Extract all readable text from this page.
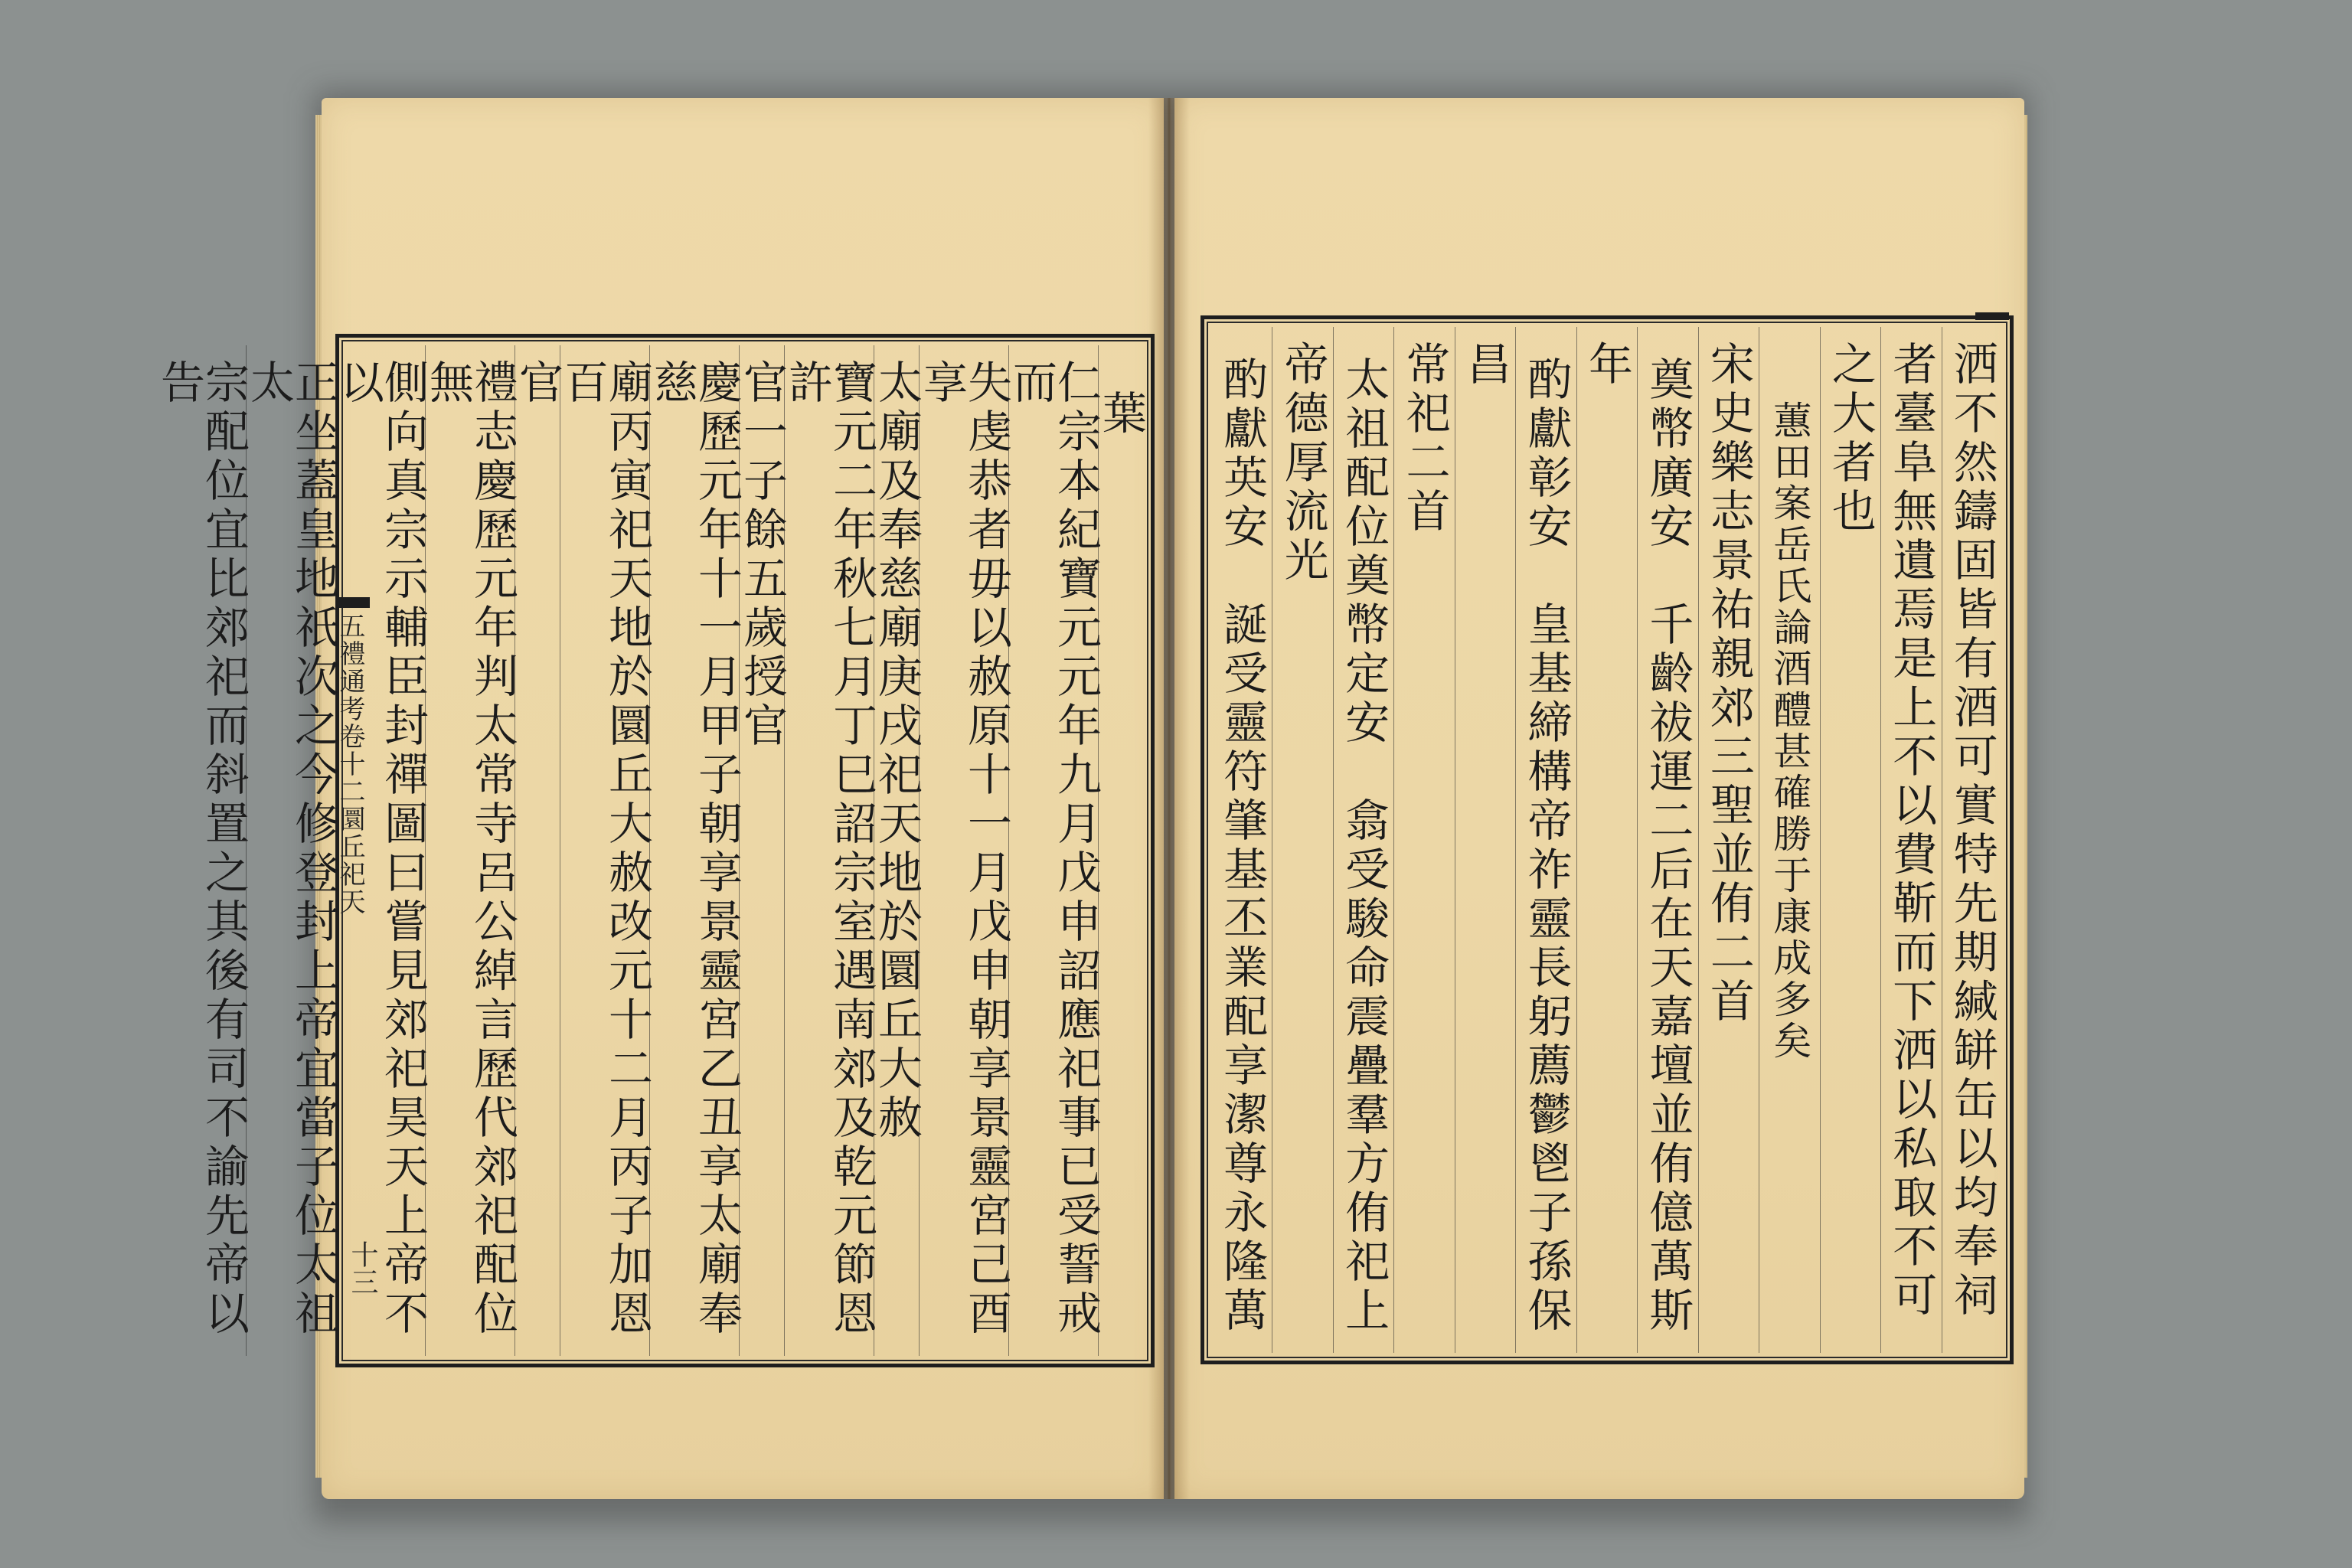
葉
仁宗本紀寶元元年九月戊申詔應祀事已受誓戒而
失虔恭者毋以赦原十一月戊申朝享景靈宮己酉享
太廟及奉慈廟庚戌祀天地於圜丘大赦
寶元二年秋七月丁巳詔宗室遇南郊及乾元節恩許
官一子餘五歲授官
慶歷元年十一月甲子朝享景靈宮乙丑享太廟奉慈
廟丙寅祀天地於圜丘大赦改元十二月丙子加恩百
官
禮志慶歷元年判太常寺呂公綽言歷代郊祀配位無
側向真宗示輔臣封禪圖曰嘗見郊祀昊天上帝不以
正坐蓋皇地祇次之今修登封上帝宜當子位太祖太
宗配位宜比郊祀而斜置之其後有司不諭先帝以告
五禮通考卷十二圜丘祀天
十三	洒不然鑄固皆有酒可實特先期緘缾缶以均奉祠
者臺阜無遺焉是上不以費靳而下洒以私取不可
之大者也
蕙田案岳氏論酒醴甚確勝于康成多矣
宋史樂志景祐親郊三聖並侑二首
奠幣廣安　千齡祓運二后在天嘉壇並侑億萬斯
年
酌獻彰安　皇基締構帝祚靈長躬薦鬱鬯子孫保
昌
常祀二首
太祖配位奠幣定安　翕受駿命震疊羣方侑祀上
帝德厚流光
酌獻英安　誕受靈符肇基丕業配享潔尊永隆萬
